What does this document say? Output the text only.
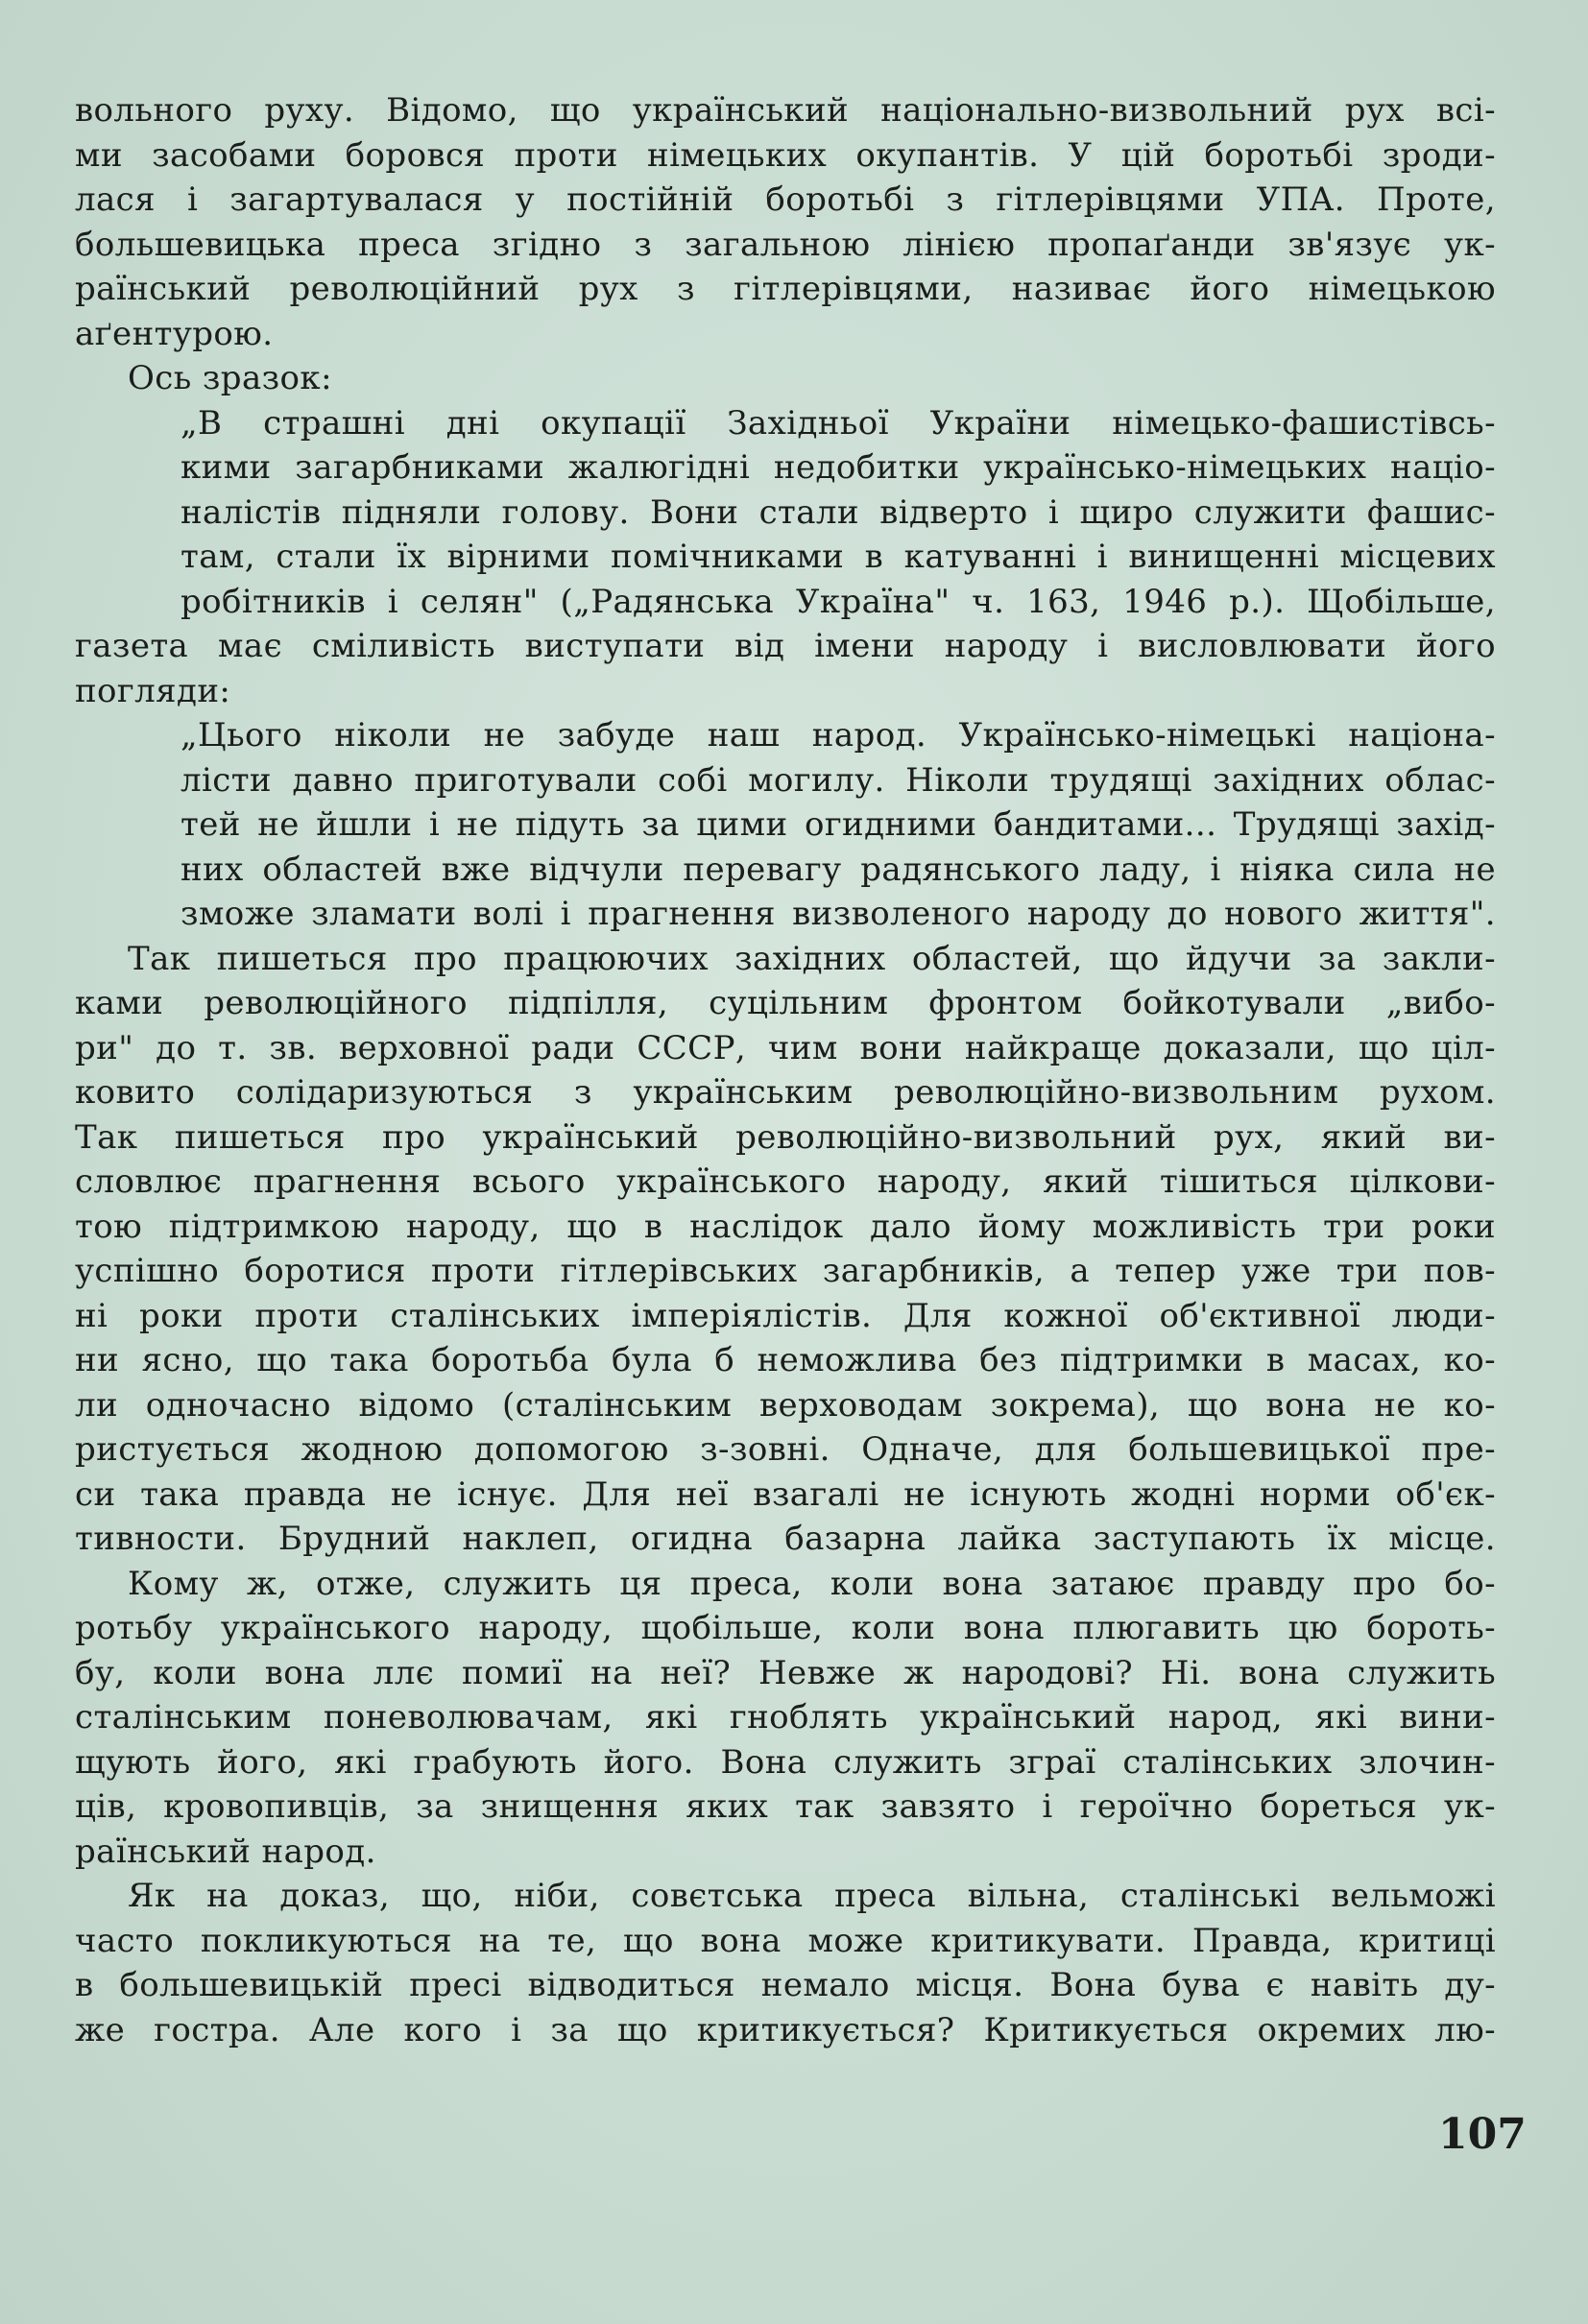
вольного руху. Відомо, що український національно-визвольний рух всі-
ми засобами боровся проти німецьких окупантів. У цій боротьбі зроди-
лася і загартувалася у постійній боротьбі з гітлерівцями УПА. Проте,
большевицька преса згідно з загальною лінією пропаґанди зв'язує ук-
раїнський революційний рух з гітлерівцями, називає його німецькою
аґентурою.
Ось зразок:
„В страшні дні окупації Західньої України німецько-фашистівсь-
кими загарбниками жалюгідні недобитки українсько-німецьких націо-
налістів підняли голову. Вони стали відверто і щиро служити фашис-
там, стали їх вірними помічниками в катуванні і винищенні місцевих
робітників і селян" („Радянська Україна" ч. 163, 1946 р.). Щобільше,
газета має сміливість виступати від імени народу і висловлювати його
погляди:
„Цього ніколи не забуде наш народ. Українсько-німецькі націона-
лісти давно приготували собі могилу. Ніколи трудящі західних облас-
тей не йшли і не підуть за цими огидними бандитами... Трудящі захід-
них областей вже відчули перевагу радянського ладу, і ніяка сила не
зможе зламати волі і прагнення визволеного народу до нового життя".
Так пишеться про працюючих західних областей, що йдучи за закли-
ками революційного підпілля, суцільним фронтом бойкотували „вибо-
ри" до т. зв. верховної ради СССР, чим вони найкраще доказали, що ціл-
ковито солідаризуються з українським революційно-визвольним рухом.
Так пишеться про український революційно-визвольний рух, який ви-
словлює прагнення всього українського народу, який тішиться цілкови-
тою підтримкою народу, що в наслідок дало йому можливість три роки
успішно боротися проти гітлерівських загарбників, а тепер уже три пов-
ні роки проти сталінських імперіялістів. Для кожної об'єктивної люди-
ни ясно, що така боротьба була б неможлива без підтримки в масах, ко-
ли одночасно відомо (сталінським верховодам зокрема), що вона не ко-
ристується жодною допомогою з-зовні. Одначе, для большевицької пре-
си така правда не існує. Для неї взагалі не існують жодні норми об'єк-
тивности. Брудний наклеп, огидна базарна лайка заступають їх місце.
Кому ж, отже, служить ця преса, коли вона затаює правду про бо-
ротьбу українського народу, щобільше, коли вона плюгавить цю бороть-
бу, коли вона ллє помиї на неї? Невже ж народові? Ні. вона служить
сталінським поневолювачам, які гноблять український народ, які вини-
щують його, які грабують його. Вона служить зграї сталінських злочин-
ців, кровопивців, за знищення яких так завзято і героїчно бореться ук-
раїнський народ.
Як на доказ, що, ніби, совєтська преса вільна, сталінські вельможі
часто покликуються на те, що вона може критикувати. Правда, критиці
в большевицькій пресі відводиться немало місця. Вона бува є навіть ду-
же гостра. Але кого і за що критикується? Критикується окремих лю-
107
